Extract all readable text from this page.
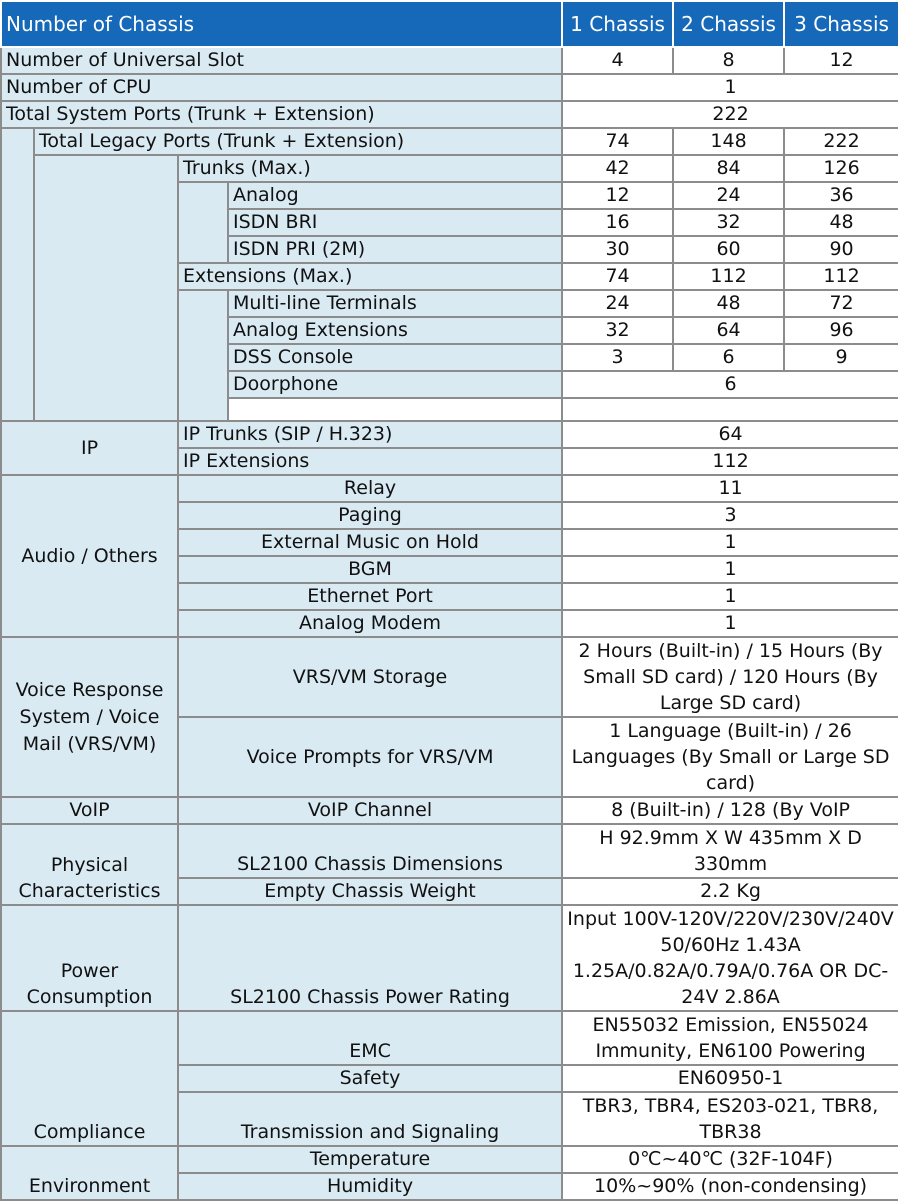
Number of Chassis				1 Chassis	2 Chassis	3 Chassis
Number of Universal Slot				4	8	12
Number of CPU				1		
Total System Ports (Trunk + Extension)				222		
	Total Legacy Ports (Trunk + Extension)			74	148	222
		Trunks (Max.)		42	84	126
			Analog	12	24	36
			ISDN BRI	16	32	48
			ISDN PRI (2M)	30	60	90
		Extensions (Max.)		74	112	112
			Multi-line Terminals	24	48	72
			Analog Extensions	32	64	96
			DSS Console	3	6	9
			Doorphone	6		

IP		IP Trunks (SIP / H.323)		64		
		IP Extensions		112		
Audio / Others		Relay		11		
		Paging		3		
		External Music on Hold		1		
		BGM		1		
		Ethernet Port		1		
		Analog Modem		1		
Voice Response System / Voice Mail (VRS/VM)		VRS/VM Storage		2 Hours (Built-in) / 15 Hours (By Small SD card) / 120 Hours (By Large SD card)		
		Voice Prompts for VRS/VM		1 Language (Built-in) / 26 Languages (By Small or Large SD card)		
VoIP		VoIP Channel		8 (Built-in) / 128 (By VoIP		
Physical Characteristics		SL2100 Chassis Dimensions		H 92.9mm X W 435mm X D 330mm		
		Empty Chassis Weight		2.2 Kg		
Power Consumption		SL2100 Chassis Power Rating		Input 100V-120V/220V/230V/240V 50/60Hz 1.43A 1.25A/0.82A/0.79A/0.76A OR DC-24V 2.86A		
Compliance		EMC		EN55032 Emission, EN55024 Immunity, EN6100 Powering		
		Safety		EN60950-1		
		Transmission and Signaling		TBR3, TBR4, ES203-021, TBR8, TBR38		
Environment		Temperature		0℃~40℃ (32F-104F)		
		Humidity		10%~90% (non-condensing)		
